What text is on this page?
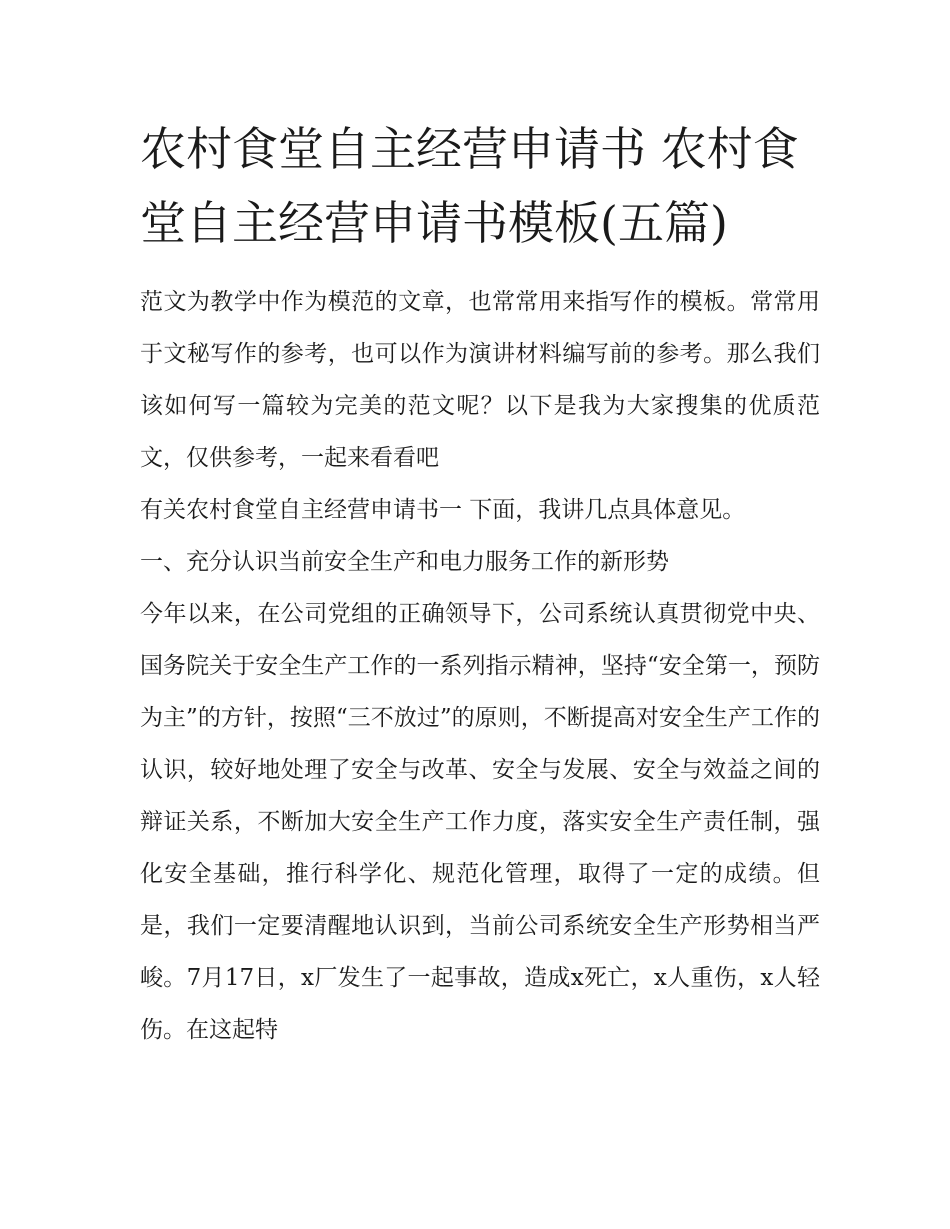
农村食堂自主经营申请书 农村食堂自主经营申请书模板(五篇)

范文为教学中作为模范的文章，也常常用来指写作的模板。常常用于文秘写作的参考，也可以作为演讲材料编写前的参考。那么我们该如何写一篇较为完美的范文呢？以下是我为大家搜集的优质范文，仅供参考，一起来看看吧

有关农村食堂自主经营申请书一 下面，我讲几点具体意见。

一、充分认识当前安全生产和电力服务工作的新形势

今年以来，在公司党组的正确领导下，公司系统认真贯彻党中央、国务院关于安全生产工作的一系列指示精神，坚持“安全第一，预防为主”的方针，按照“三不放过”的原则，不断提高对安全生产工作的认识，较好地处理了安全与改革、安全与发展、安全与效益之间的辩证关系，不断加大安全生产工作力度，落实安全生产责任制，强化安全基础，推行科学化、规范化管理，取得了一定的成绩。但是，我们一定要清醒地认识到，当前公司系统安全生产形势相当严峻。7月17日，x厂发生了一起事故，造成x死亡，x人重伤，x人轻伤。在这起特
